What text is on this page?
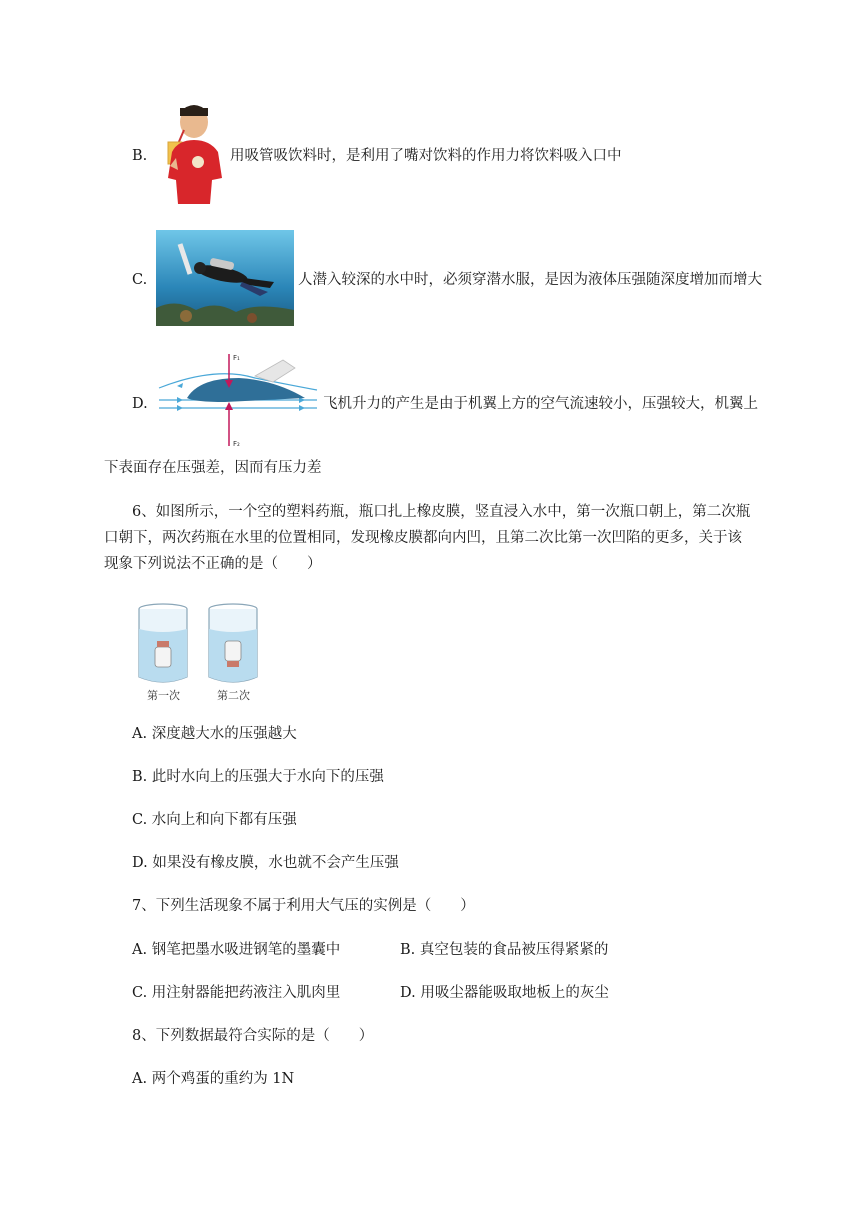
B.	用吸管吸饮料时，是利用了嘴对饮料的作用力将饮料吸入口中
C.	人潜入较深的水中时，必须穿潜水服，是因为液体压强随深度增加而增大
D.
F₁
F₂
飞机升力的产生是由于机翼上方的空气流速较小，压强较大，机翼上
下表面存在压强差，因而有压力差
6、如图所示，一个空的塑料药瓶，瓶口扎上橡皮膜，竖直浸入水中，第一次瓶口朝上，第二次瓶
口朝下，两次药瓶在水里的位置相同，发现橡皮膜都向内凹，且第二次比第一次凹陷的更多，关于该
现象下列说法不正确的是（　　）
第一次	第二次
A. 深度越大水的压强越大
B. 此时水向上的压强大于水向下的压强
C. 水向上和向下都有压强
D. 如果没有橡皮膜，水也就不会产生压强
7、下列生活现象不属于利用大气压的实例是（　　）
A. 钢笔把墨水吸进钢笔的墨囊中	B. 真空包装的食品被压得紧紧的
C. 用注射器能把药液注入肌肉里	D. 用吸尘器能吸取地板上的灰尘
8、下列数据最符合实际的是（　　）
A. 两个鸡蛋的重约为 1N
